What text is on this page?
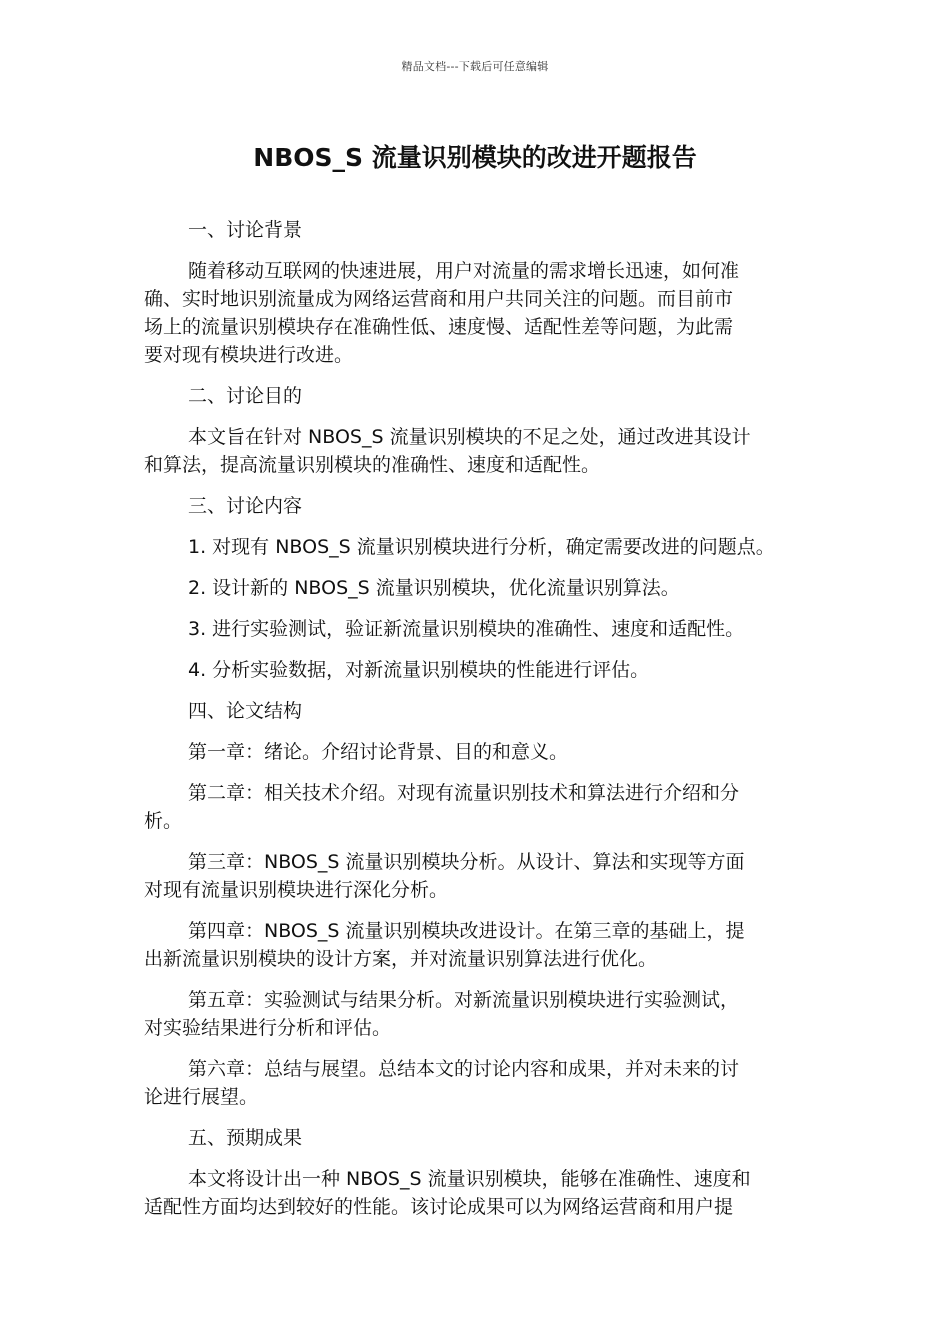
精品文档---下载后可任意编辑
NBOS_S 流量识别模块的改进开题报告
一、讨论背景
随着移动互联网的快速进展，用户对流量的需求增长迅速，如何准
确、实时地识别流量成为网络运营商和用户共同关注的问题。而目前市
场上的流量识别模块存在准确性低、速度慢、适配性差等问题，为此需
要对现有模块进行改进。
二、讨论目的
本文旨在针对 NBOS_S 流量识别模块的不足之处，通过改进其设计
和算法，提高流量识别模块的准确性、速度和适配性。
三、讨论内容
1. 对现有 NBOS_S 流量识别模块进行分析，确定需要改进的问题点。
2. 设计新的 NBOS_S 流量识别模块，优化流量识别算法。
3. 进行实验测试，验证新流量识别模块的准确性、速度和适配性。
4. 分析实验数据，对新流量识别模块的性能进行评估。
四、论文结构
第一章：绪论。介绍讨论背景、目的和意义。
第二章：相关技术介绍。对现有流量识别技术和算法进行介绍和分
析。
第三章：NBOS_S 流量识别模块分析。从设计、算法和实现等方面
对现有流量识别模块进行深化分析。
第四章：NBOS_S 流量识别模块改进设计。在第三章的基础上，提
出新流量识别模块的设计方案，并对流量识别算法进行优化。
第五章：实验测试与结果分析。对新流量识别模块进行实验测试，
对实验结果进行分析和评估。
第六章：总结与展望。总结本文的讨论内容和成果，并对未来的讨
论进行展望。
五、预期成果
本文将设计出一种 NBOS_S 流量识别模块，能够在准确性、速度和
适配性方面均达到较好的性能。该讨论成果可以为网络运营商和用户提
